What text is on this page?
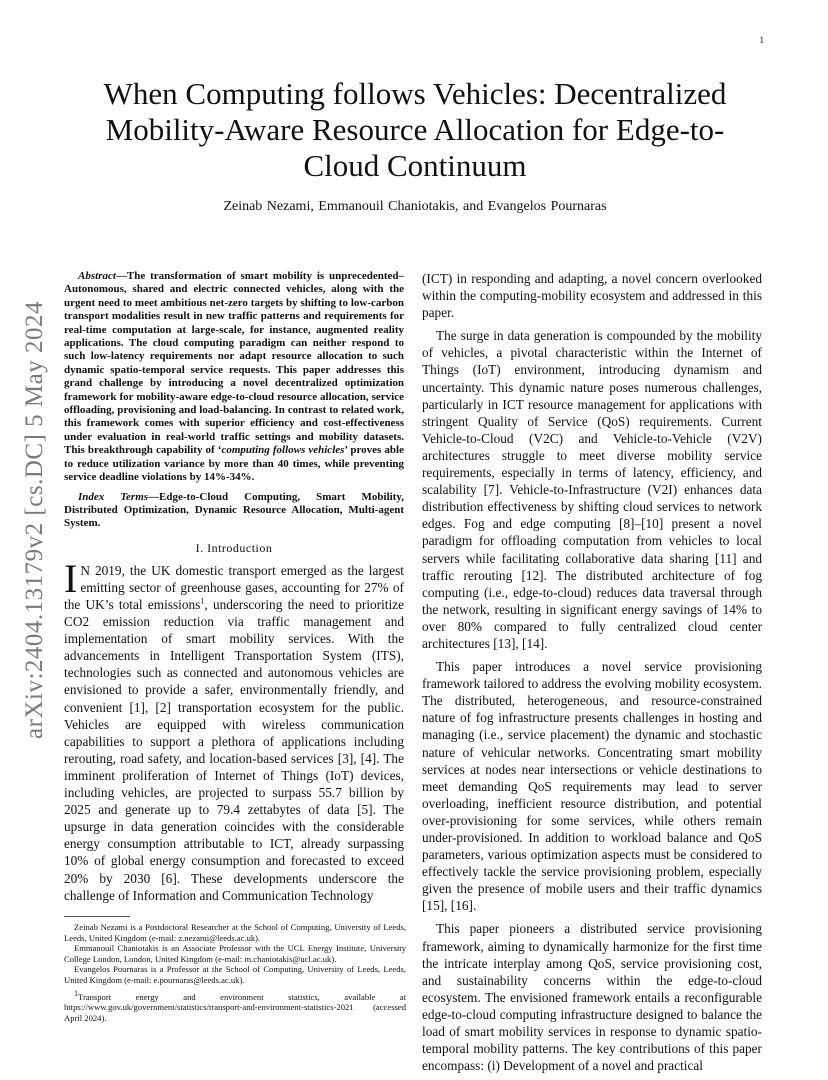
1
arXiv:2404.13179v2 [cs.DC] 5 May 2024
When Computing follows Vehicles: Decentralized Mobility-Aware Resource Allocation for Edge-to-Cloud Continuum
Zeinab Nezami, Emmanouil Chaniotakis, and Evangelos Pournaras

Abstract—The transformation of smart mobility is unprecedented–Autonomous, shared and electric connected vehicles, along with the urgent need to meet ambitious net-zero targets by shifting to low-carbon transport modalities result in new traffic patterns and requirements for real-time computation at large-scale, for instance, augmented reality applications. The cloud computing paradigm can neither respond to such low-latency requirements nor adapt resource allocation to such dynamic spatio-temporal service requests. This paper addresses this grand challenge by introducing a novel decentralized optimization framework for mobility-aware edge-to-cloud resource allocation, service offloading, provisioning and load-balancing. In contrast to related work, this framework comes with superior efficiency and cost-effectiveness under evaluation in real-world traffic settings and mobility datasets. This breakthrough capability of ‘computing follows vehicles’ proves able to reduce utilization variance by more than 40 times, while preventing service deadline violations by 14%-34%.

Index Terms—Edge-to-Cloud Computing, Smart Mobility, Distributed Optimization, Dynamic Resource Allocation, Multi-agent System.

I. Introduction

I N 2019, the UK domestic transport emerged as the largest emitting sector of greenhouse gases, accounting for 27% of the UK’s total emissions$^1$, underscoring the need to prioritize CO2 emission reduction via traffic management and implementation of smart mobility services. With the advancements in Intelligent Transportation System (ITS), technologies such as connected and autonomous vehicles are envisioned to provide a safer, environmentally friendly, and convenient [1], [2] transportation ecosystem for the public. Vehicles are equipped with wireless communication capabilities to support a plethora of applications including rerouting, road safety, and location-based services [3], [4]. The imminent proliferation of Internet of Things (IoT) devices, including vehicles, are projected to surpass 55.7 billion by 2025 and generate up to 79.4 zettabytes of data [5]. The upsurge in data generation coincides with the considerable energy consumption attributable to ICT, already surpassing 10% of global energy consumption and forecasted to exceed 20% by 2030 [6]. These developments underscore the challenge of Information and Communication Technology

Zeinab Nezami is a Postdoctoral Researcher at the School of Computing, University of Leeds, Leeds, United Kingdom (e-mail: z.nezami@leeds.ac.uk).

Emmanouil Chaniotakis is an Associate Professor with the UCL Energy Institute, University College London, London, United Kingdom (e-mail: m.chaniotakis@ucl.ac.uk).

Evangelos Pournaras is a Professor at the School of Computing, University of Leeds, Leeds, United Kingdom (e-mail: e.pournaras@leeds.ac.uk).

$^1$Transport energy and environment statistics, available at https://www.gov.uk/government/statistics/transport-and-environment-statistics-2021 (accessed April 2024).

(ICT) in responding and adapting, a novel concern overlooked within the computing-mobility ecosystem and addressed in this paper.

The surge in data generation is compounded by the mobility of vehicles, a pivotal characteristic within the Internet of Things (IoT) environment, introducing dynamism and uncertainty. This dynamic nature poses numerous challenges, particularly in ICT resource management for applications with stringent Quality of Service (QoS) requirements. Current Vehicle-to-Cloud (V2C) and Vehicle-to-Vehicle (V2V) architectures struggle to meet diverse mobility service requirements, especially in terms of latency, efficiency, and scalability [7]. Vehicle-to-Infrastructure (V2I) enhances data distribution effectiveness by shifting cloud services to network edges. Fog and edge computing [8]–[10] present a novel paradigm for offloading computation from vehicles to local servers while facilitating collaborative data sharing [11] and traffic rerouting [12]. The distributed architecture of fog computing (i.e., edge-to-cloud) reduces data traversal through the network, resulting in significant energy savings of 14% to over 80% compared to fully centralized cloud center architectures [13], [14].

This paper introduces a novel service provisioning framework tailored to address the evolving mobility ecosystem. The distributed, heterogeneous, and resource-constrained nature of fog infrastructure presents challenges in hosting and managing (i.e., service placement) the dynamic and stochastic nature of vehicular networks. Concentrating smart mobility services at nodes near intersections or vehicle destinations to meet demanding QoS requirements may lead to server overloading, inefficient resource distribution, and potential over-provisioning for some services, while others remain under-provisioned. In addition to workload balance and QoS parameters, various optimization aspects must be considered to effectively tackle the service provisioning problem, especially given the presence of mobile users and their traffic dynamics [15], [16].

This paper pioneers a distributed service provisioning framework, aiming to dynamically harmonize for the first time the intricate interplay among QoS, service provisioning cost, and sustainability concerns within the edge-to-cloud ecosystem. The envisioned framework entails a reconfigurable edge-to-cloud computing infrastructure designed to balance the load of smart mobility services in response to dynamic spatio-temporal mobility patterns. The key contributions of this paper encompass: (i) Development of a novel and practical
